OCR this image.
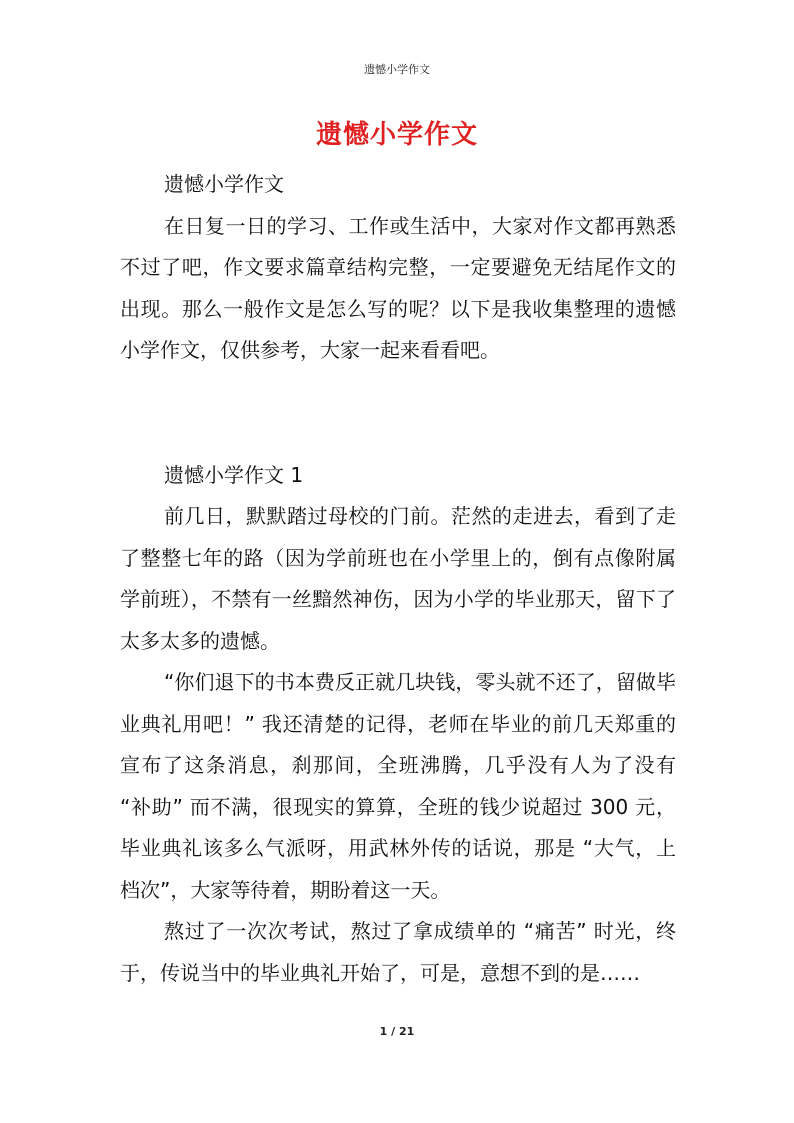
遗憾小学作文
遗憾小学作文

遗憾小学作文

在日复一日的学习、工作或生活中，大家对作文都再熟悉不过了吧，作文要求篇章结构完整，一定要避免无结尾作文的出现。那么一般作文是怎么写的呢？以下是我收集整理的遗憾小学作文，仅供参考，大家一起来看看吧。

遗憾小学作文 1

前几日，默默踏过母校的门前。茫然的走进去，看到了走了整整七年的路（因为学前班也在小学里上的，倒有点像附属学前班），不禁有一丝黯然神伤，因为小学的毕业那天，留下了太多太多的遗憾。

“你们退下的书本费反正就几块钱，零头就不还了，留做毕业典礼用吧！” 我还清楚的记得，老师在毕业的前几天郑重的宣布了这条消息，刹那间，全班沸腾，几乎没有人为了没有 “补助” 而不满，很现实的算算，全班的钱少说超过 300 元，毕业典礼该多么气派呀，用武林外传的话说，那是 “大气，上档次”，大家等待着，期盼着这一天。

熬过了一次次考试，熬过了拿成绩单的 “痛苦” 时光，终于，传说当中的毕业典礼开始了，可是，意想不到的是……

1 / 21
